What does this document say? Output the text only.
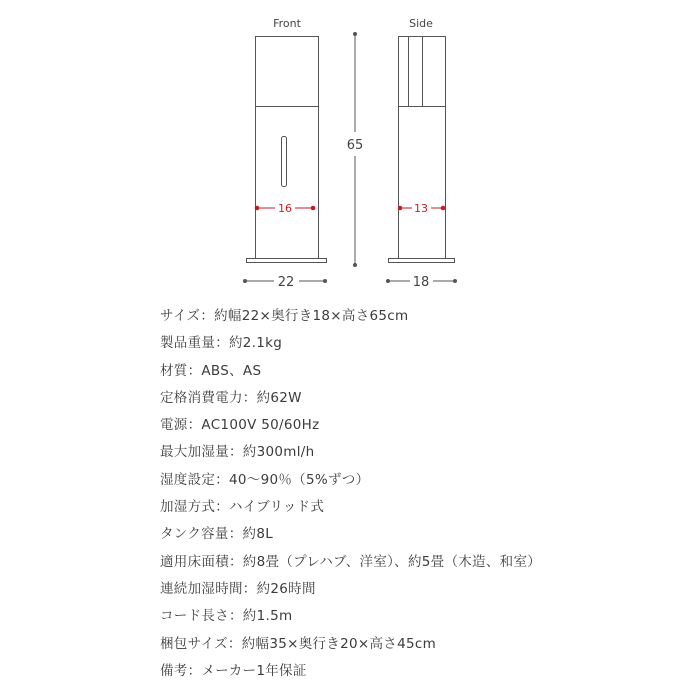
Front
16
22
65
Side
13
18
サイズ：約幅22×奥行き18×高さ65cm
製品重量：約2.1kg
材質：ABS、AS
定格消費電力：約62W
電源：AC100V 50/60Hz
最大加湿量：約300ml/h
湿度設定：40～90％（5%ずつ）
加湿方式：ハイブリッド式
タンク容量：約8L
適用床面積：約8畳（プレハブ、洋室）、約5畳（木造、和室）
連続加湿時間：約26時間
コード長さ：約1.5m
梱包サイズ：約幅35×奥行き20×高さ45cm
備考：メーカー1年保証
